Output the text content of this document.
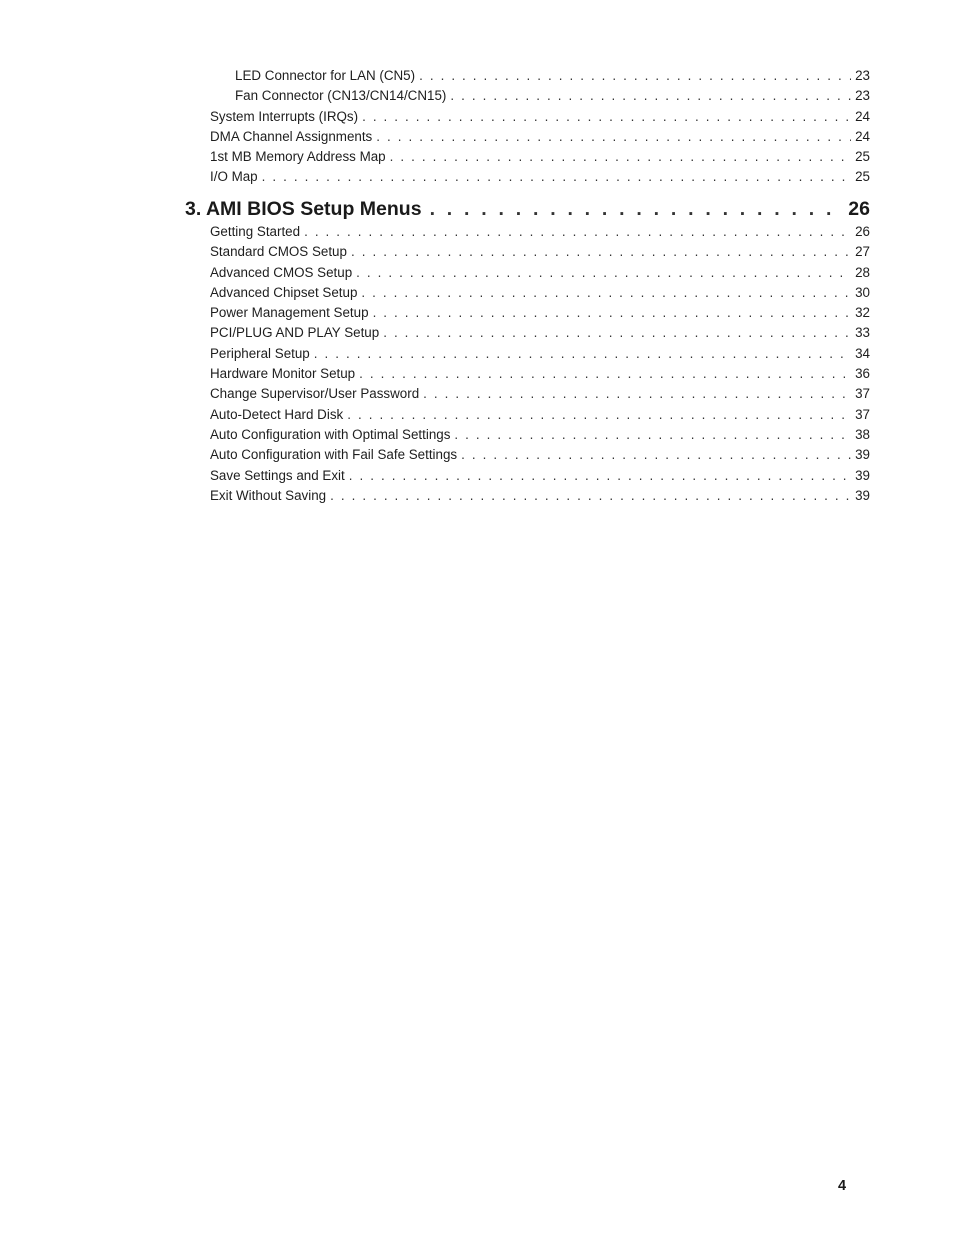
LED Connector for LAN (CN5) . . .	23
Fan Connector (CN13/CN14/CN15) . . .	23
System Interrupts (IRQs) . . .	24
DMA Channel Assignments . . .	24
1st MB Memory Address Map . . .	25
I/O Map . . .	25
3. AMI BIOS Setup Menus . . .	26
Getting Started . . .	26
Standard CMOS Setup . . .	27
Advanced CMOS Setup . . .	28
Advanced Chipset Setup . . .	30
Power Management Setup . . .	32
PCI/PLUG AND PLAY Setup . . .	33
Peripheral Setup . . .	34
Hardware Monitor Setup . . .	36
Change Supervisor/User Password . . .	37
Auto-Detect Hard Disk . . .	37
Auto Configuration with Optimal Settings . . .	38
Auto Configuration with Fail Safe Settings . . .	39
Save Settings and Exit . . .	39
Exit Without Saving . . .	39
4
